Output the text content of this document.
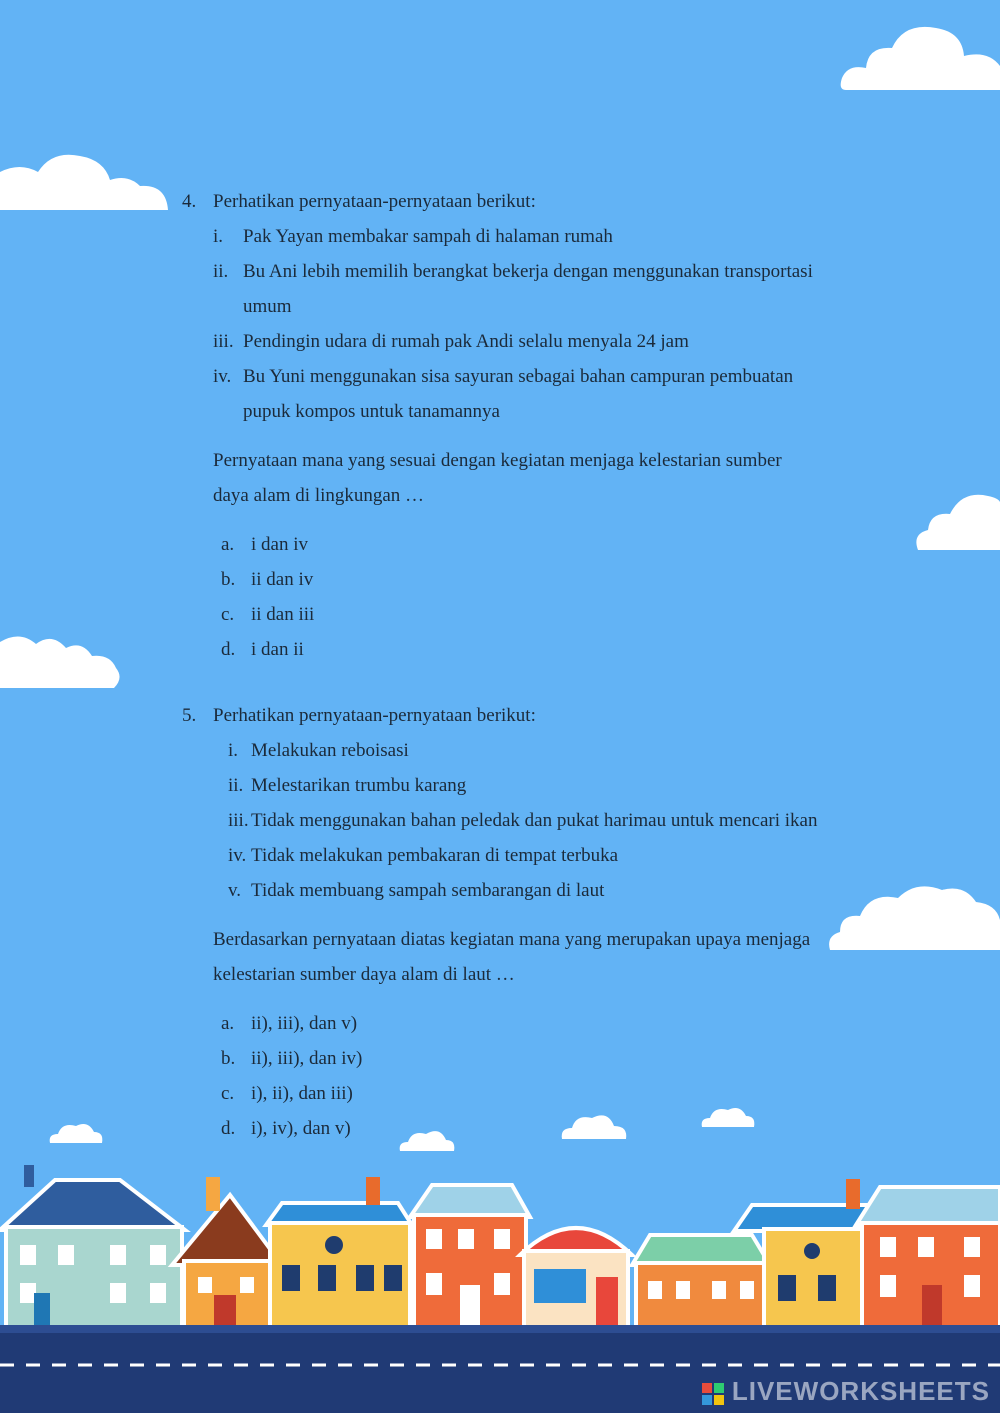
4. Perhatikan pernyataan-pernyataan berikut:
i. Pak Yayan membakar sampah di halaman rumah
ii. Bu Ani lebih memilih berangkat bekerja dengan menggunakan transportasi
umum
iii. Pendingin udara di rumah pak Andi selalu menyala 24 jam
iv. Bu Yuni menggunakan sisa sayuran sebagai bahan campuran pembuatan
pupuk kompos untuk tanamannya
Pernyataan mana yang sesuai dengan kegiatan menjaga kelestarian sumber
daya alam di lingkungan …
a. i dan iv
b. ii dan iv
c. ii dan iii
d. i dan ii
5. Perhatikan pernyataan-pernyataan berikut:
i. Melakukan reboisasi
ii. Melestarikan trumbu karang
iii. Tidak menggunakan bahan peledak dan pukat harimau untuk mencari ikan
iv. Tidak melakukan pembakaran di tempat terbuka
v. Tidak membuang sampah sembarangan di laut
Berdasarkan pernyataan diatas kegiatan mana yang merupakan upaya menjaga
kelestarian sumber daya alam di laut …
a. ii), iii), dan v)
b. ii), iii), dan iv)
c. i), ii), dan iii)
d. i), iv), dan v)
LIVEWORKSHEETS
